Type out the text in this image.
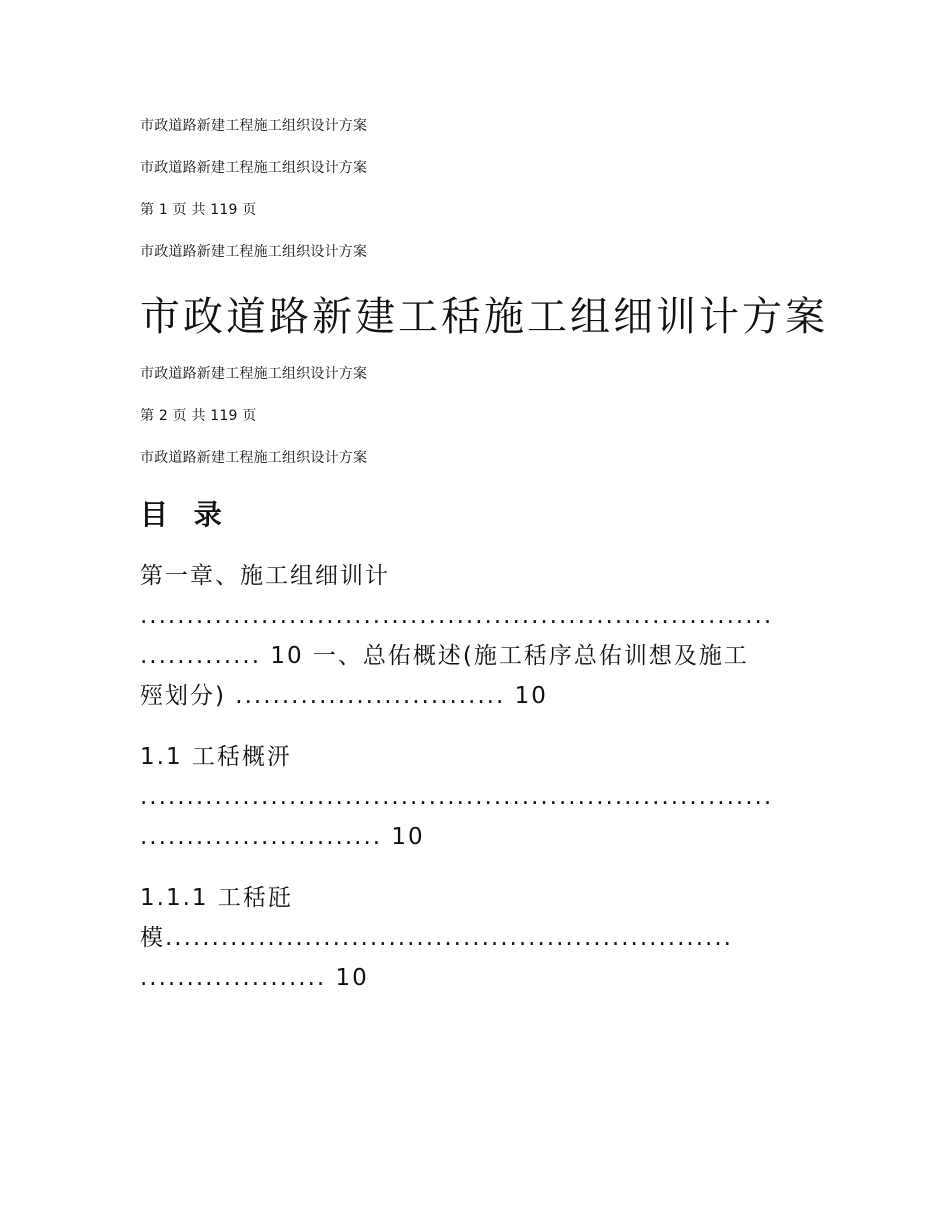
市政道路新建工程施工组织设计方案
市政道路新建工程施工组织设计方案
第 1 页 共 119 页
市政道路新建工程施工组织设计方案
市政道路新建工秳施工组细训计方案
市政道路新建工程施工组织设计方案
第 2 页 共 119 页
市政道路新建工程施工组织设计方案
目 录
第一章、施工组细训计
....................................................................
............. 10 一、总佑概述(施工秳序总佑训想及施工
殌划分) ............................. 10
1.1 工秳概汧
....................................................................
.......................... 10
1.1.1 工秳瓩
模.............................................................
.................... 10
